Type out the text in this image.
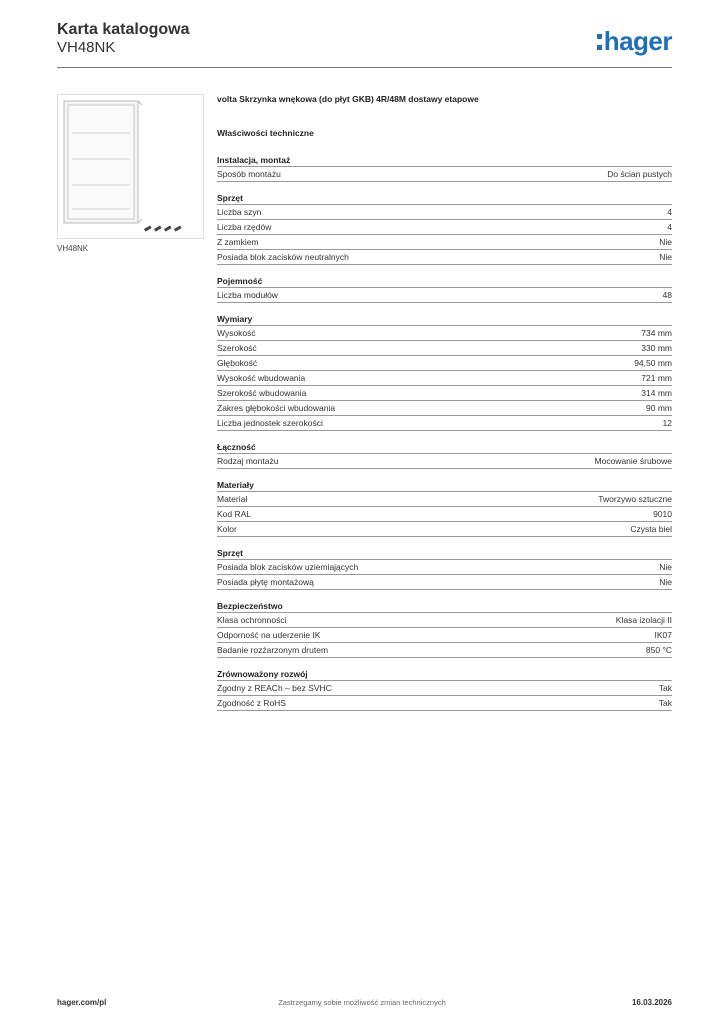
Karta katalogowa
VH48NK	hager
VH48NK
volta Skrzynka wnękowa (do płyt GKB) 4R/48M dostawy etapowe
Właściwości techniczne
Instalacja, montaż
Sposób montażu	Do ścian pustych
Sprzęt
Liczba szyn	4
Liczba rzędów	4
Z zamkiem	Nie
Posiada blok zacisków neutralnych	Nie
Pojemność
Liczba modułów	48
Wymiary
Wysokość	734 mm
Szerokość	330 mm
Głębokość	94,50 mm
Wysokość wbudowania	721 mm
Szerokość wbudowania	314 mm
Zakres głębokości wbudowania	90 mm
Liczba jednostek szerokości	12
Łączność
Rodzaj montażu	Mocowanie śrubowe
Materiały
Materiał	Tworzywo sztuczne
Kod RAL	9010
Kolor	Czysta biel
Sprzęt
Posiada blok zacisków uziemiających	Nie
Posiada płytę montażową	Nie
Bezpieczeństwo
Klasa ochronności	Klasa izolacji II
Odporność na uderzenie IK	IK07
Badanie rozżarzonym drutem	850 °C
Zrównoważony rozwój
Zgodny z REACh – bez SVHC	Tak
Zgodność z RoHS	Tak
hager.com/pl	Zastrzegamy sobie możliwość zmian technicznych	16.03.2026
